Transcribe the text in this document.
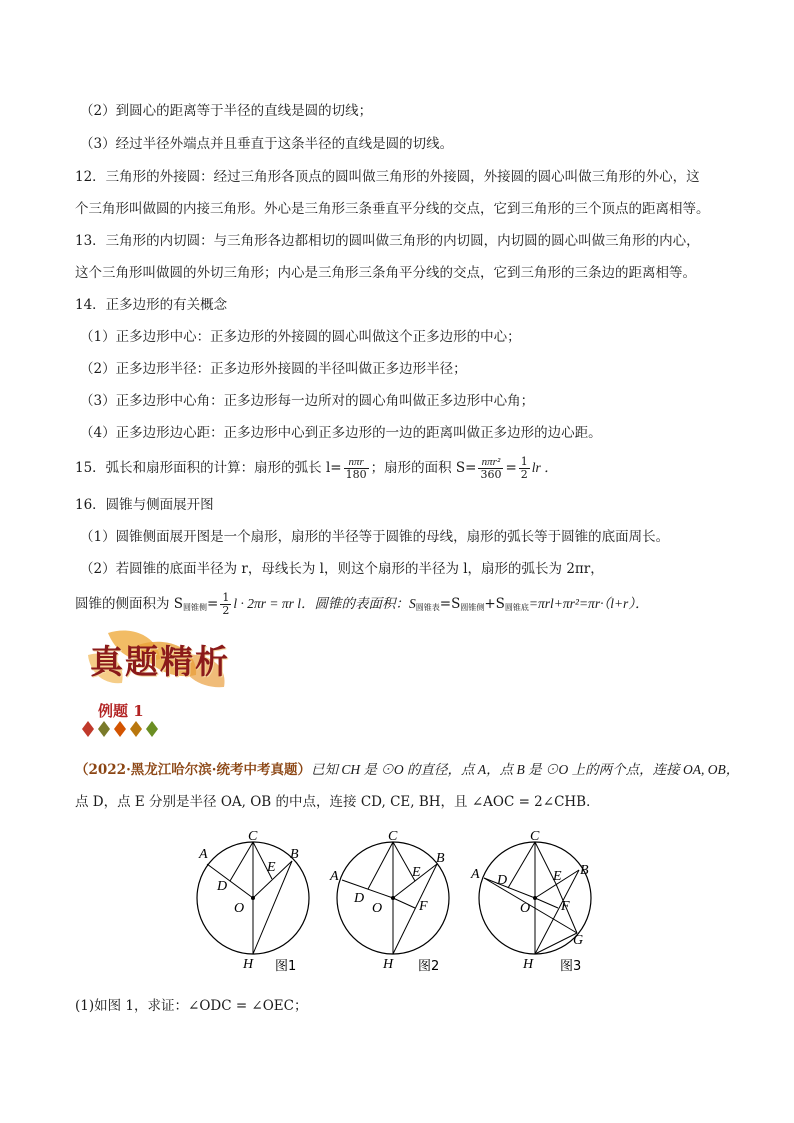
（2）到圆心的距离等于半径的直线是圆的切线；
（3）经过半径外端点并且垂直于这条半径的直线是圆的切线。
12．三角形的外接圆：经过三角形各顶点的圆叫做三角形的外接圆，外接圆的圆心叫做三角形的外心，这
个三角形叫做圆的内接三角形。外心是三角形三条垂直平分线的交点，它到三角形的三个顶点的距离相等。
13．三角形的内切圆：与三角形各边都相切的圆叫做三角形的内切圆，内切圆的圆心叫做三角形的内心，
这个三角形叫做圆的外切三角形；内心是三角形三条角平分线的交点，它到三角形的三条边的距离相等。
14．正多边形的有关概念
（1）正多边形中心：正多边形的外接圆的圆心叫做这个正多边形的中心；
（2）正多边形半径：正多边形外接圆的半径叫做正多边形半径；
（3）正多边形中心角：正多边形每一边所对的圆心角叫做正多边形中心角；
（4）正多边形边心距：正多边形中心到正多边形的一边的距离叫做正多边形的边心距。
15．弧长和扇形面积的计算：扇形的弧长 $l= \frac{\text{nπr}}{180}$ ；扇形的面积 $S= \frac{\text{nπr²}}{360} = \frac{1}{2}$ lr ．
16．圆锥与侧面展开图
（1）圆锥侧面展开图是一个扇形，扇形的半径等于圆锥的母线，扇形的弧长等于圆锥的底面周长。
（2）若圆锥的底面半径为 r，母线长为 l，则这个扇形的半径为 l，扇形的弧长为 2πr，
圆锥的侧面积为 $S_{圆锥侧}= \frac{1}{2}$ l · 2πr = πr l．圆锥的表面积：$S_{圆锥表}=S_{圆锥侧}+S_{圆锥底}=\pi rl+\pi r^2=\pi r\cdot(l+r)$．
真题精析
例题 1
（2022·黑龙江哈尔滨·统考中考真题）已知 CH 是 ⊙O 的直径，点 A，点 B 是 ⊙O 上的两个点，连接 OA, OB，
点 D，点 E 分别是半径 OA, OB 的中点，连接 CD, CE, BH，且 ∠AOC = 2∠CHB．
C
A	B
D
E
O
H 图1
C
A
B
D
E
F
O
H 图2
C
A	B
D	E
F
G
O
H 图3
(1)如图 1，求证：∠ODC = ∠OEC；
